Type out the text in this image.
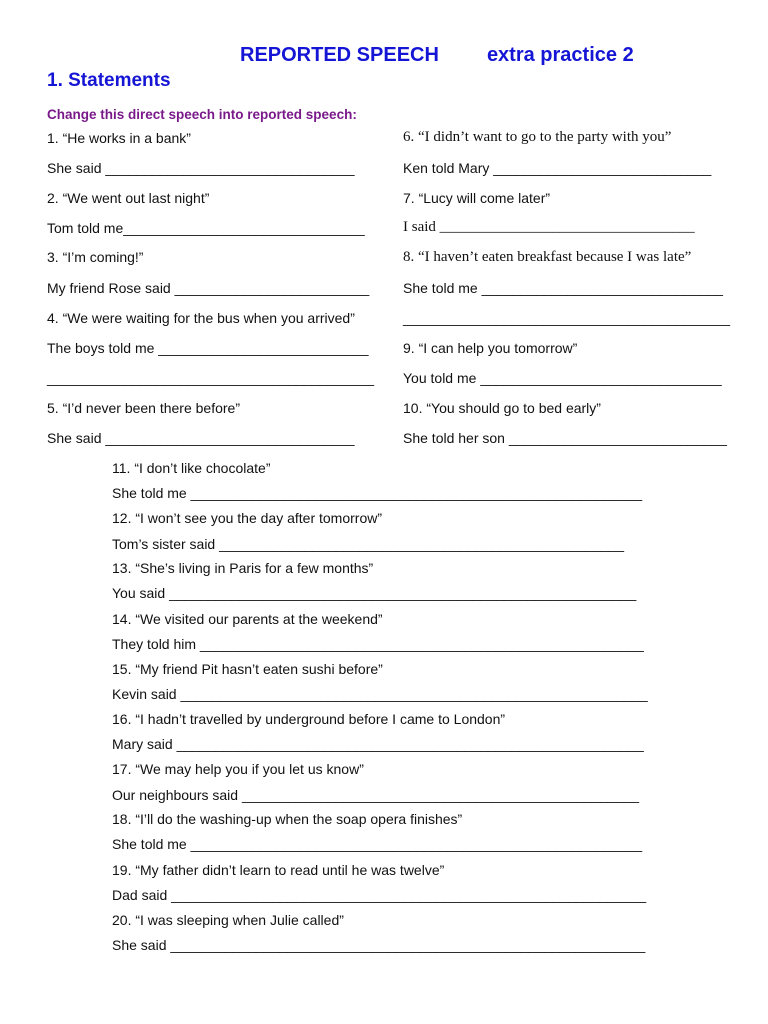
REPORTED SPEECH extra practice 2
1. Statements
Change this direct speech into reported speech:
1. “He works in a bank”
She said ________________________________
2. “We went out last night”
Tom told me_______________________________
3. “I’m coming!”
My friend Rose said _________________________
4. “We were waiting for the bus when you arrived”
The boys told me ___________________________
__________________________________________
5. “I’d never been there before”
She said ________________________________
6. “I didn’t want to go to the party with you”
Ken told Mary ____________________________
7. “Lucy will come later”
I said __________________________________
8. “I haven’t eaten breakfast because I was late”
She told me _______________________________
__________________________________________
9. “I can help you tomorrow”
You told me _______________________________
10. “You should go to bed early”
She told her son ____________________________
11. “I don’t like chocolate”
She told me __________________________________________________________
12. “I won’t see you the day after tomorrow”
Tom’s sister said ____________________________________________________
13. “She’s living in Paris for a few months”
You said ____________________________________________________________
14. “We visited our parents at the weekend”
They told him _________________________________________________________
15. “My friend Pit hasn’t eaten sushi before”
Kevin said ____________________________________________________________
16. “I hadn’t travelled by underground before I came to London”
Mary said ____________________________________________________________
17. “We may help you if you let us know”
Our neighbours said ___________________________________________________
18. “I’ll do the washing-up when the soap opera finishes”
She told me __________________________________________________________
19. “My father didn’t learn to read until he was twelve”
Dad said _____________________________________________________________
20. “I was sleeping when Julie called”
She said _____________________________________________________________
